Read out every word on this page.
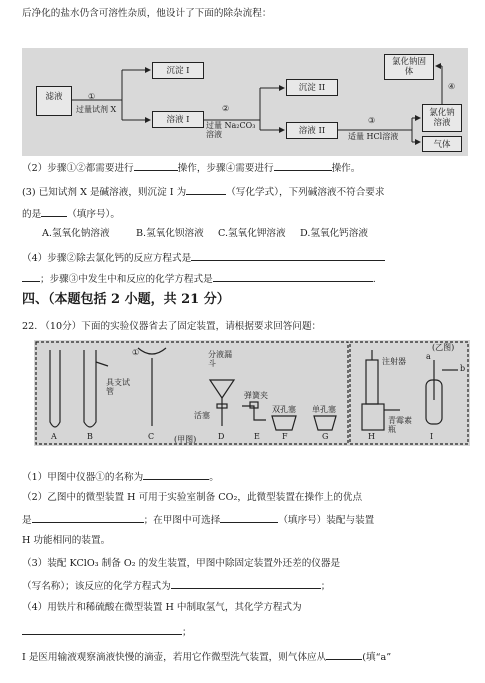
后净化的盐水仍含可溶性杂质，他设计了下面的除杂流程：
滤液
沉淀 I
溶液 I
沉淀 II
溶液 II
氯化钠固体
氯化钠溶液
气体
①
过量试剂 X	②
过量 Na₂CO₃溶液
③
适量 HCl溶液
④
（2）步骤①②都需要进行	操作，步骤④需要进行	操作。
(3) 已知试剂 X 是碱溶液，则沉淀 I 为	（写化学式），下列碱溶液不符合要求
的是	（填序号）。
A.氢氧化钠溶液	B.氢氧化钡溶液 C.氢氧化钾溶液 D.氢氧化钙溶液
（4）步骤②除去氯化钙的反应方程式是
；步骤③中发生中和反应的化学方程式是	.
四、（本题包括 2 小题，共 21 分）
22. （10分）下面的实验仪器省去了固定装置，请根据要求回答问题：
①
具支试管
分液漏斗
活塞
弹簧夹
双孔塞 单孔塞
A	B	C	D	E	F	G
(甲图)
注射器
青霉素瓶
H	I
a
b
(乙图)
（1）甲图中仪器①的名称为	。
（2）乙图中的微型装置 H 可用于实验室制备 CO₂，此微型装置在操作上的优点
是	；在甲图中可选择	（填序号）装配与装置
H 功能相同的装置。
（3）装配 KClO₃ 制备 O₂ 的发生装置，甲图中除固定装置外还差的仪器是
（写名称）；该反应的化学方程式为	；
（4）用铁片和稀硫酸在微型装置 H 中制取氢气，其化学方程式为
；
I 是医用输液观察滴液快慢的滴壶，若用它作微型洗气装置，则气体应从	(填“a”
